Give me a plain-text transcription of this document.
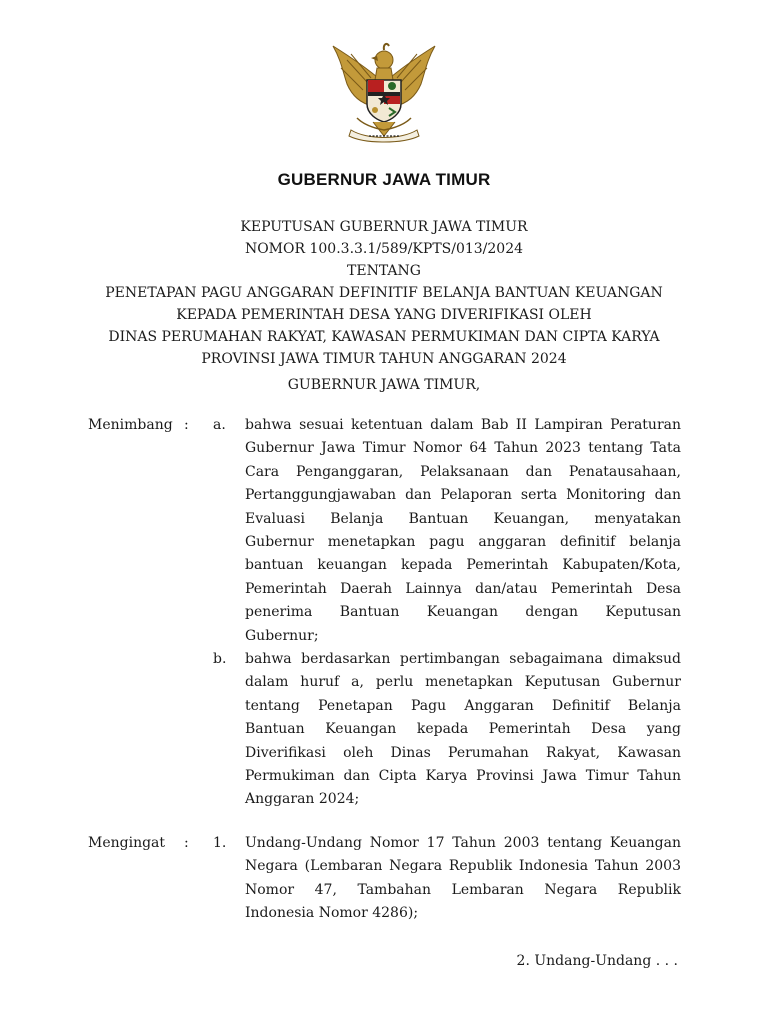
GUBERNUR JAWA TIMUR
KEPUTUSAN GUBERNUR JAWA TIMUR
NOMOR 100.3.3.1/589/KPTS/013/2024
TENTANG
PENETAPAN PAGU ANGGARAN DEFINITIF BELANJA BANTUAN KEUANGAN
KEPADA PEMERINTAH DESA YANG DIVERIFIKASI OLEH
DINAS PERUMAHAN RAKYAT, KAWASAN PERMUKIMAN DAN CIPTA KARYA
PROVINSI JAWA TIMUR TAHUN ANGGARAN 2024
GUBERNUR JAWA TIMUR,
Menimbang : a. bahwa sesuai ketentuan dalam Bab II Lampiran Peraturan
Gubernur Jawa Timur Nomor 64 Tahun 2023 tentang Tata
Cara Penganggaran, Pelaksanaan dan Penatausahaan,
Pertanggungjawaban dan Pelaporan serta Monitoring dan
Evaluasi Belanja Bantuan Keuangan, menyatakan
Gubernur menetapkan pagu anggaran definitif belanja
bantuan keuangan kepada Pemerintah Kabupaten/Kota,
Pemerintah Daerah Lainnya dan/atau Pemerintah Desa
penerima Bantuan Keuangan dengan Keputusan
Gubernur;
b. bahwa berdasarkan pertimbangan sebagaimana dimaksud
dalam huruf a, perlu menetapkan Keputusan Gubernur
tentang Penetapan Pagu Anggaran Definitif Belanja
Bantuan Keuangan kepada Pemerintah Desa yang
Diverifikasi oleh Dinas Perumahan Rakyat, Kawasan
Permukiman dan Cipta Karya Provinsi Jawa Timur Tahun
Anggaran 2024;
Mengingat : 1. Undang-Undang Nomor 17 Tahun 2003 tentang Keuangan
Negara (Lembaran Negara Republik Indonesia Tahun 2003
Nomor 47, Tambahan Lembaran Negara Republik
Indonesia Nomor 4286);
2. Undang-Undang . . .
